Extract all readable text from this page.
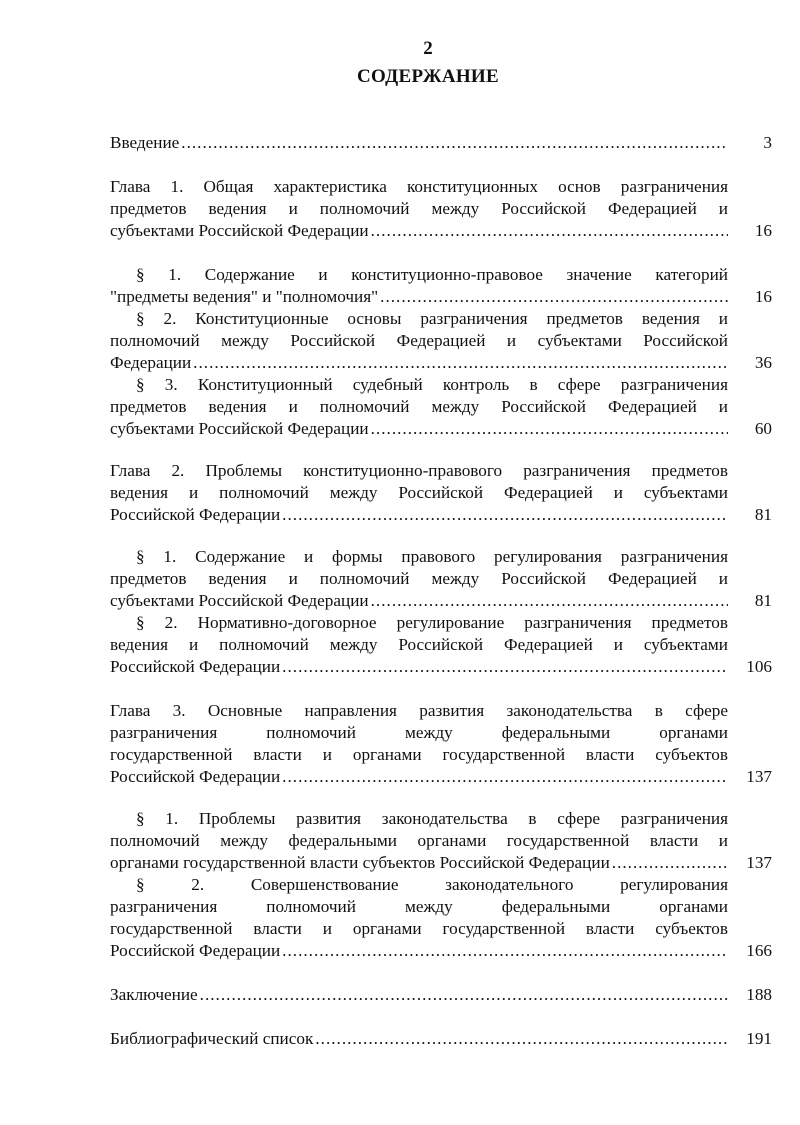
2
СОДЕРЖАНИЕ
Введение .....	3
Глава 1. Общая характеристика конституционных основ разграничения
предметов ведения и полномочий между Российской Федерацией и
субъектами Российской Федерации .....	16
§ 1. Содержание и конституционно-правовое значение категорий
"предметы ведения" и "полномочия" .....	16
§ 2. Конституционные основы разграничения предметов ведения и
полномочий между Российской Федерацией и субъектами Российской
Федерации .....	36
§ 3. Конституционный судебный контроль в сфере разграничения
предметов ведения и полномочий между Российской Федерацией и
субъектами Российской Федерации .....	60
Глава 2. Проблемы конституционно-правового разграничения предметов
ведения и полномочий между Российской Федерацией и субъектами
Российской Федерации .....	81
§ 1. Содержание и формы правового регулирования разграничения
предметов ведения и полномочий между Российской Федерацией и
субъектами Российской Федерации .....	81
§ 2. Нормативно-договорное регулирование разграничения предметов
ведения и полномочий между Российской Федерацией и субъектами
Российской Федерации .....	106
Глава 3. Основные направления развития законодательства в сфере
разграничения полномочий между федеральными органами
государственной власти и органами государственной власти субъектов
Российской Федерации .....	137
§ 1. Проблемы развития законодательства в сфере разграничения
полномочий между федеральными органами государственной власти и
органами государственной власти субъектов Российской Федерации .....	137
§ 2. Совершенствование законодательного регулирования
разграничения полномочий между федеральными органами
государственной власти и органами государственной власти субъектов
Российской Федерации .....	166
Заключение .....	188
Библиографический список .....	191
